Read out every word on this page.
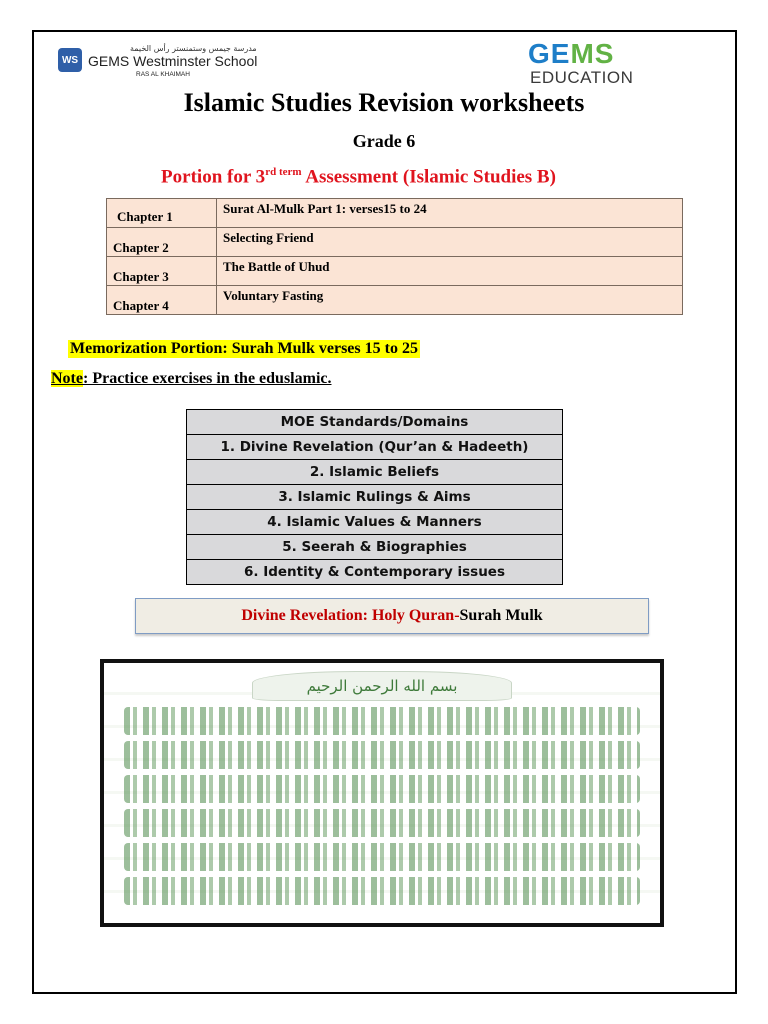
WS
مدرسة جيمس وستمنستر رأس الخيمة
GEMS Westminster School
RAS AL KHAIMAH
GEMS
EDUCATION
Islamic Studies Revision worksheets
Grade 6
Portion for $3^{rd term}$ Assessment (Islamic Studies B)
Chapter 1	Surat Al-Mulk Part 1: verses15 to 24
Chapter 2	Selecting Friend
Chapter 3	The Battle of Uhud
Chapter 4	Voluntary Fasting
Memorization Portion: Surah Mulk verses 15 to 25
Note: Practice exercises in the eduslamic.
MOE Standards/Domains
1. Divine Revelation (Qur’an & Hadeeth)
2. Islamic Beliefs
3. Islamic Rulings & Aims
4. Islamic Values & Manners
5. Seerah & Biographies
6. Identity & Contemporary issues
Divine Revelation: Holy Quran-Surah Mulk
بسم الله الرحمن الرحيم
